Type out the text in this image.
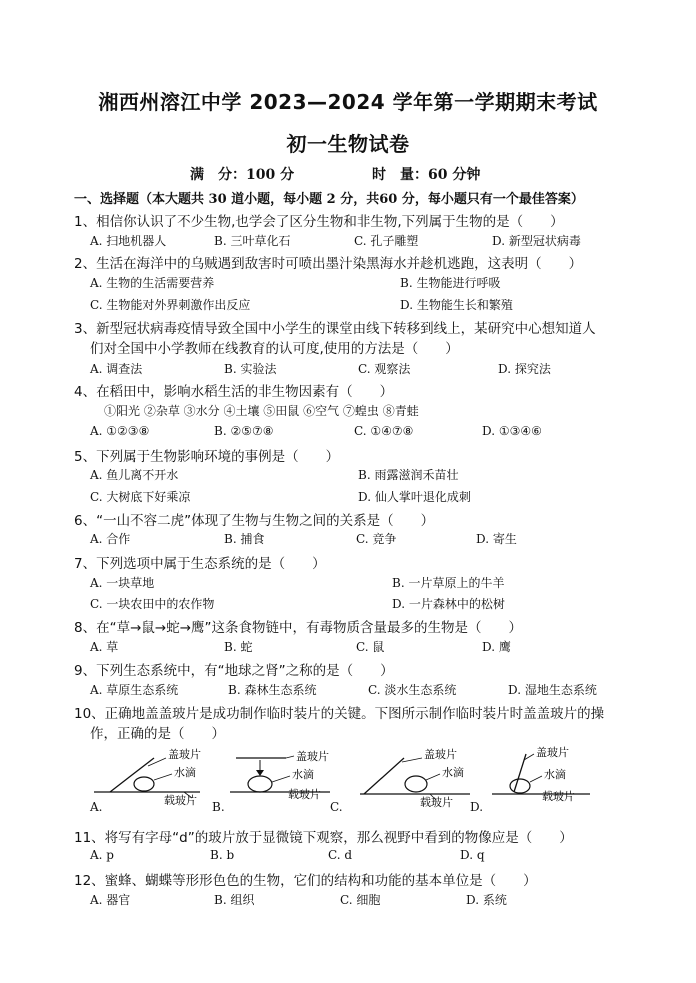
湘西州溶江中学 2023—2024 学年第一学期期末考试
初一生物试卷
满　分：100 分	时　量：60 分钟
一、选择题（本大题共 30 道小题，每小题 2 分，共60 分，每小题只有一个最佳答案）
1、相信你认识了不少生物,也学会了区分生物和非生物,下列属于生物的是（　　）
A. 扫地机器人	B. 三叶草化石	C. 孔子雕塑	D. 新型冠状病毒
2、生活在海洋中的乌贼遇到敌害时可喷出墨汁染黑海水并趁机逃跑，这表明（　　）
A. 生物的生活需要营养	B. 生物能进行呼吸
C. 生物能对外界刺激作出反应	D. 生物能生长和繁殖
3、新型冠状病毒疫情导致全国中小学生的课堂由线下转移到线上，某研究中心想知道人
们对全国中小学教师在线教育的认可度,使用的方法是（　　）
A. 调查法	B. 实验法	C. 观察法	D. 探究法
4、在稻田中，影响水稻生活的非生物因素有（　　）
①阳光 ②杂草 ③水分 ④土壤 ⑤田鼠 ⑥空气 ⑦蝗虫 ⑧青蛙
A. ①②③⑧	B. ②⑤⑦⑧	C. ①④⑦⑧	D. ①③④⑥
5、下列属于生物影响环境的事例是（　　）
A. 鱼儿离不开水	B. 雨露滋润禾苗壮
C. 大树底下好乘凉	D. 仙人掌叶退化成刺
6、“一山不容二虎”体现了生物与生物之间的关系是（　　）
A. 合作	B. 捕食	C. 竞争	D. 寄生
7、下列选项中属于生态系统的是（　　）
A. 一块草地	B. 一片草原上的牛羊
C. 一块农田中的农作物	D. 一片森林中的松树
8、在“草→鼠→蛇→鹰”这条食物链中，有毒物质含量最多的生物是（　　）
A. 草	B. 蛇	C. 鼠	D. 鹰
9、下列生态系统中，有“地球之肾”之称的是（　　）
A. 草原生态系统	B. 森林生态系统	C. 淡水生态系统	D. 湿地生态系统
10、正确地盖盖玻片是成功制作临时装片的关键。下图所示制作临时装片时盖盖玻片的操
作，正确的是（　　）
盖玻片
水滴
载玻片
盖玻片
水滴
载玻片
盖玻片
水滴
载玻片
盖玻片
水滴
载玻片
A.	B.	C.	D.
11、将写有字母“d”的玻片放于显微镜下观察，那么视野中看到的物像应是（　　）
A. p	B. b	C. d	D. q
12、蜜蜂、蝴蝶等形形色色的生物，它们的结构和功能的基本单位是（　　）
A. 器官	B. 组织	C. 细胞	D. 系统
